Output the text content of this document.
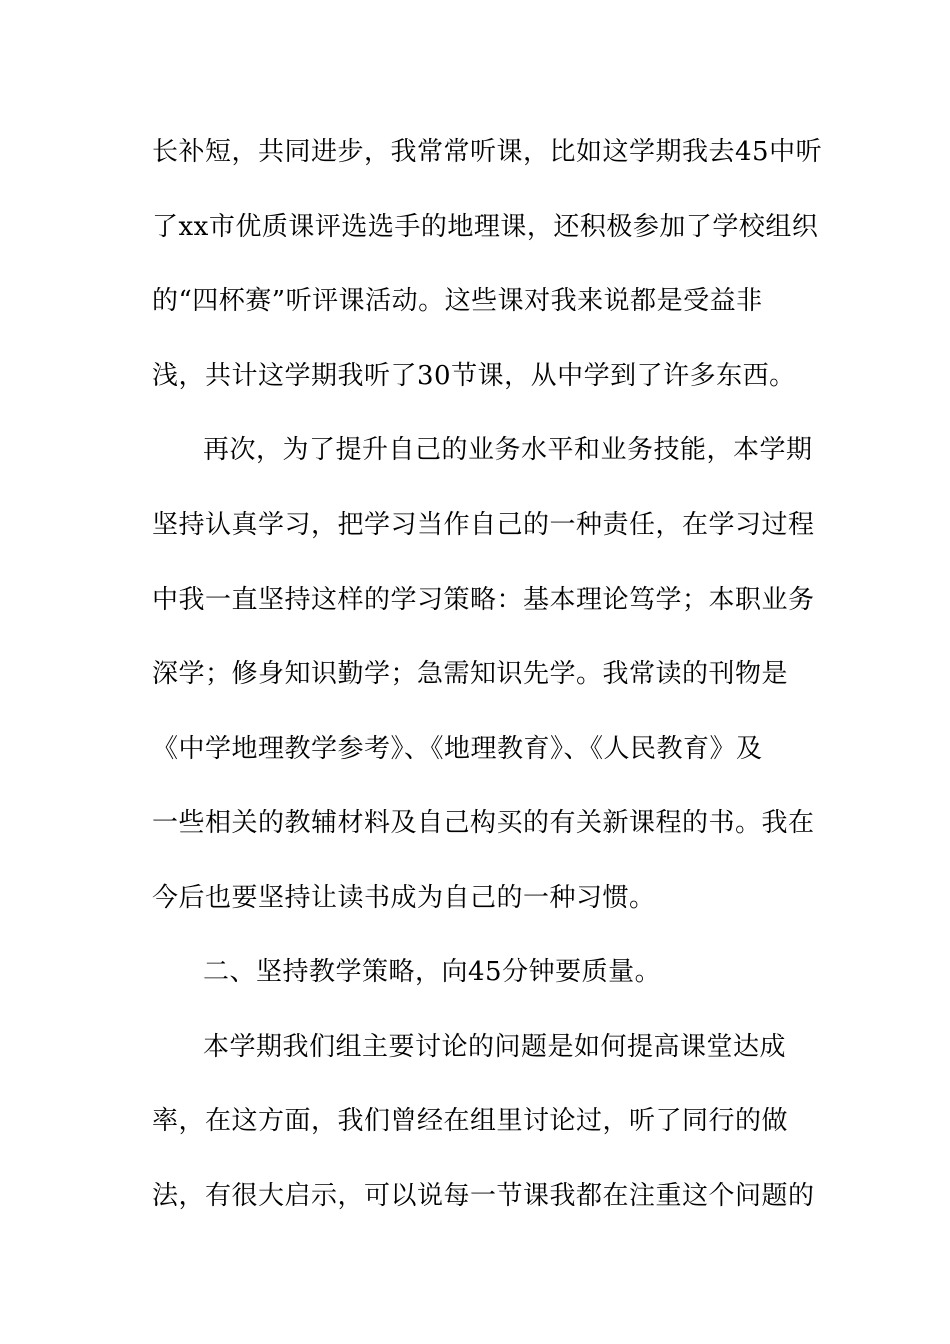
长补短，共同进步，我常常听课，比如这学期我去45中听
了xx市优质课评选选手的地理课，还积极参加了学校组织
的“四杯赛”听评课活动。这些课对我来说都是受益非
浅，共计这学期我听了30节课，从中学到了许多东西。
再次，为了提升自己的业务水平和业务技能，本学期
坚持认真学习，把学习当作自己的一种责任，在学习过程
中我一直坚持这样的学习策略：基本理论笃学；本职业务
深学；修身知识勤学；急需知识先学。我常读的刊物是
《中学地理教学参考》、《地理教育》、《人民教育》及
一些相关的教辅材料及自己构买的有关新课程的书。我在
今后也要坚持让读书成为自己的一种习惯。
二、坚持教学策略，向45分钟要质量。
本学期我们组主要讨论的问题是如何提高课堂达成
率，在这方面，我们曾经在组里讨论过，听了同行的做
法，有很大启示，可以说每一节课我都在注重这个问题的
